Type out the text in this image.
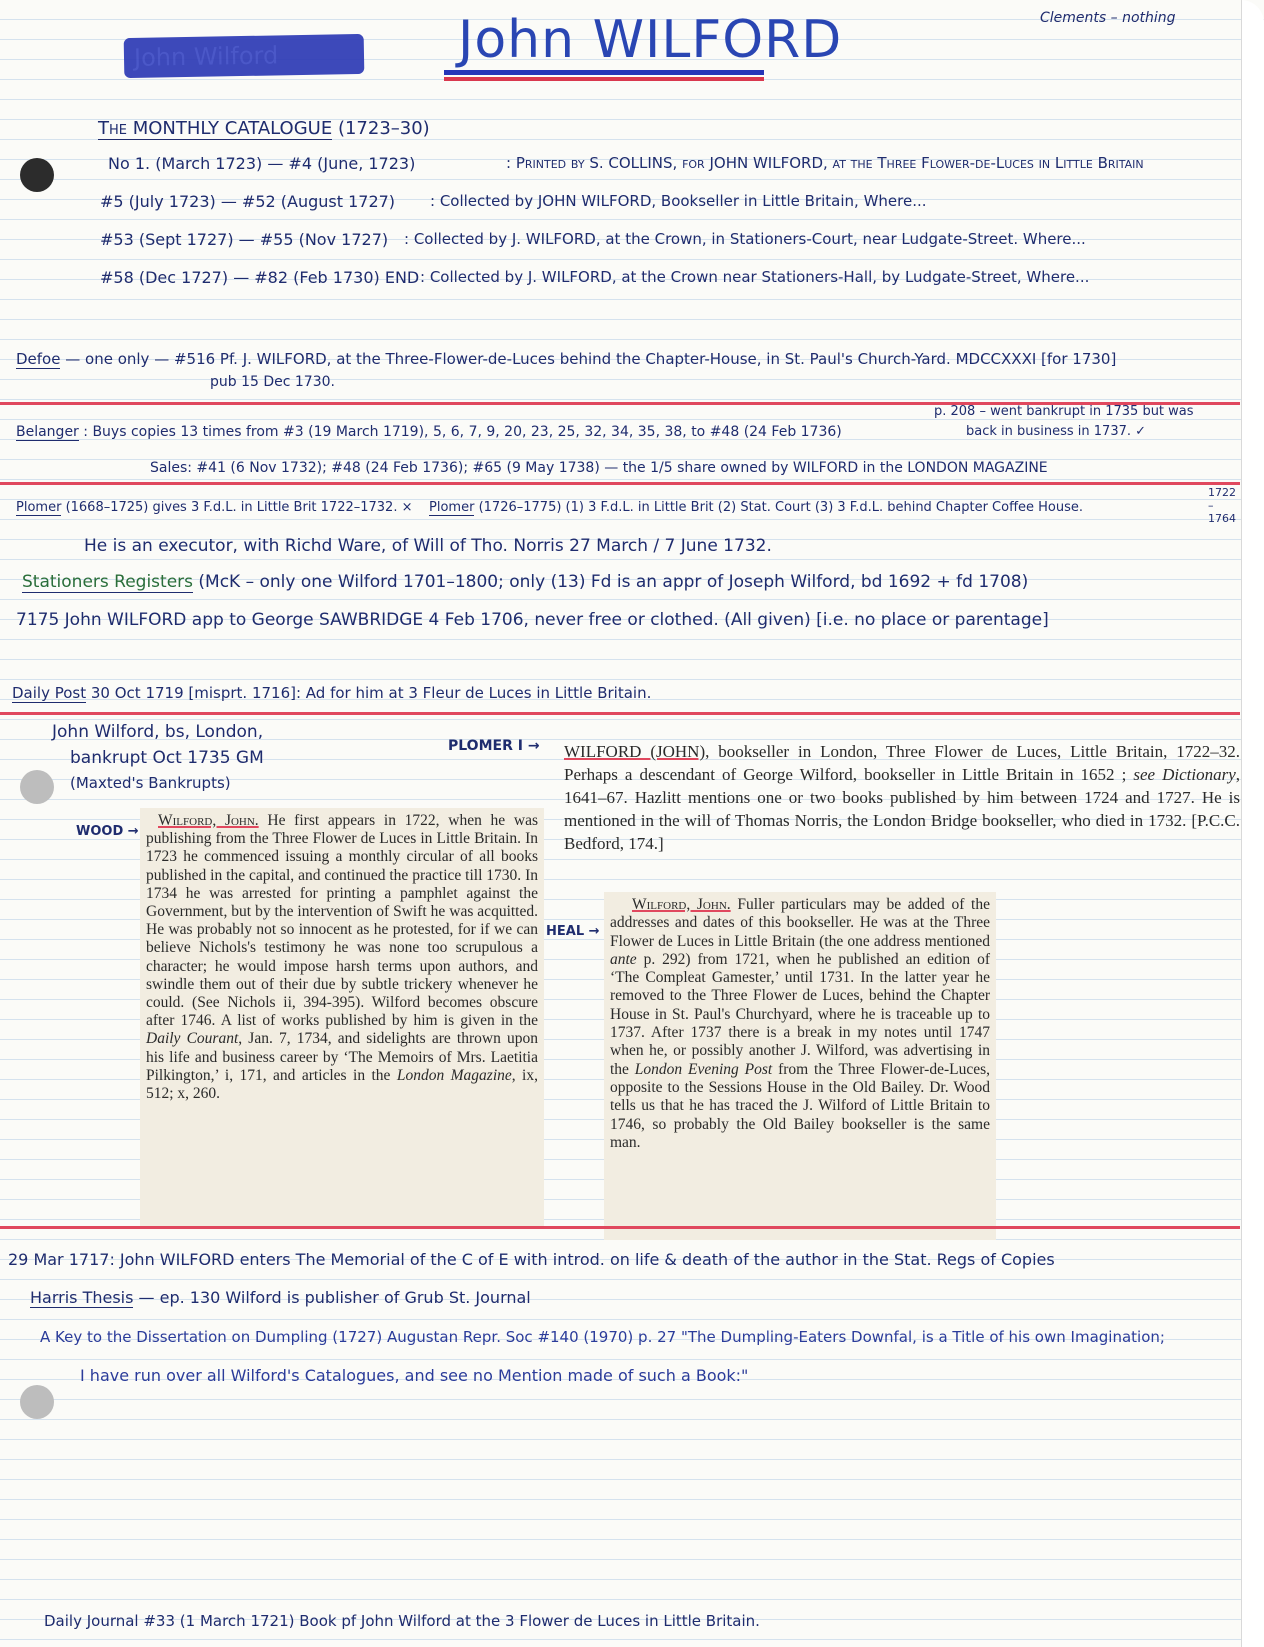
John Wilford	John WILFORD	Clements – nothing
The MONTHLY CATALOGUE (1723–30)
No 1. (March 1723) — #4 (June, 1723)	: Printed by S. COLLINS, for JOHN WILFORD, at the Three Flower-de-Luces in Little Britain
#5 (July 1723) — #52 (August 1727) : Collected by JOHN WILFORD, Bookseller in Little Britain, Where...
#53 (Sept 1727) — #55 (Nov 1727) : Collected by J. WILFORD, at the Crown, in Stationers-Court, near Ludgate-Street. Where...
#58 (Dec 1727) — #82 (Feb 1730) END : Collected by J. WILFORD, at the Crown near Stationers-Hall, by Ludgate-Street, Where...
Defoe — one only — #516 Pf. J. WILFORD, at the Three-Flower-de-Luces behind the Chapter-House, in St. Paul's Church-Yard. MDCCXXXI [for 1730]
pub 15 Dec 1730.
Belanger : Buys copies 13 times from #3 (19 March 1719), 5, 6, 7, 9, 20, 23, 25, 32, 34, 35, 38, to #48 (24 Feb 1736)
p. 208 – went bankrupt in 1735 but was
back in business in 1737. ✓
Sales: #41 (6 Nov 1732); #48 (24 Feb 1736); #65 (9 May 1738) — the 1/5 share owned by WILFORD in the LONDON MAGAZINE
Plomer (1668–1725) gives 3 F.d.L. in Little Brit 1722–1732. × Plomer (1726–1775) (1) 3 F.d.L. in Little Brit (2) Stat. Court (3) 3 F.d.L. behind Chapter Coffee House.
1722 – 1764
He is an executor, with Richd Ware, of Will of Tho. Norris 27 March / 7 June 1732.
Stationers Registers (McK – only one Wilford 1701–1800; only (13) Fd is an appr of Joseph Wilford, bd 1692 + fd 1708)
7175 John WILFORD app to George SAWBRIDGE 4 Feb 1706, never free or clothed. (All given) [i.e. no place or parentage]
Daily Post 30 Oct 1719 [misprt. 1716]: Ad for him at 3 Fleur de Luces in Little Britain.
John Wilford, bs, London,
bankrupt Oct 1735 GM
(Maxted's Bankrupts)
PLOMER I → WILFORD (JOHN), bookseller in London, Three Flower de Luces, Little Britain, 1722–32. Perhaps a descendant of George Wilford, bookseller in Little Britain in 1652 ; see Dictionary, 1641–67. Hazlitt mentions one or two books published by him between 1724 and 1727. He is mentioned in the will of Thomas Norris, the London Bridge bookseller, who died in 1732. [P.C.C. Bedford, 174.]

WOOD →

Wilford, John. He first appears in 1722, when he was publishing from the Three Flower de Luces in Little Britain. In 1723 he commenced issuing a monthly circular of all books published in the capital, and continued the practice till 1730. In 1734 he was arrested for printing a pamphlet against the Government, but by the intervention of Swift he was acquitted. He was probably not so innocent as he protested, for if we can believe Nichols's testimony he was none too scrupulous a character; he would impose harsh terms upon authors, and swindle them out of their due by subtle trickery whenever he could. (See Nichols ii, 394-395). Wilford becomes obscure after 1746. A list of works published by him is given in the Daily Courant, Jan. 7, 1734, and sidelights are thrown upon his life and business career by ‘The Memoirs of Mrs. Laetitia Pilkington,’ i, 171, and articles in the London Magazine, ix, 512; x, 260.

HEAL →

Wilford, John. Fuller particulars may be added of the addresses and dates of this bookseller. He was at the Three Flower de Luces in Little Britain (the one address mentioned ante p. 292) from 1721, when he published an edition of ‘The Compleat Gamester,’ until 1731. In the latter year he removed to the Three Flower de Luces, behind the Chapter House in St. Paul's Churchyard, where he is traceable up to 1737. After 1737 there is a break in my notes until 1747 when he, or possibly another J. Wilford, was advertising in the London Evening Post from the Three Flower-de-Luces, opposite to the Sessions House in the Old Bailey. Dr. Wood tells us that he has traced the J. Wilford of Little Britain to 1746, so probably the Old Bailey bookseller is the same man.

29 Mar 1717: John WILFORD enters The Memorial of the C of E with introd. on life & death of the author in the Stat. Regs of Copies
Harris Thesis — ep. 130 Wilford is publisher of Grub St. Journal
A Key to the Dissertation on Dumpling (1727) Augustan Repr. Soc #140 (1970) p. 27 "The Dumpling-Eaters Downfal, is a Title of his own Imagination;
I have run over all Wilford's Catalogues, and see no Mention made of such a Book:"
Daily Journal #33 (1 March 1721) Book pf John Wilford at the 3 Flower de Luces in Little Britain.
